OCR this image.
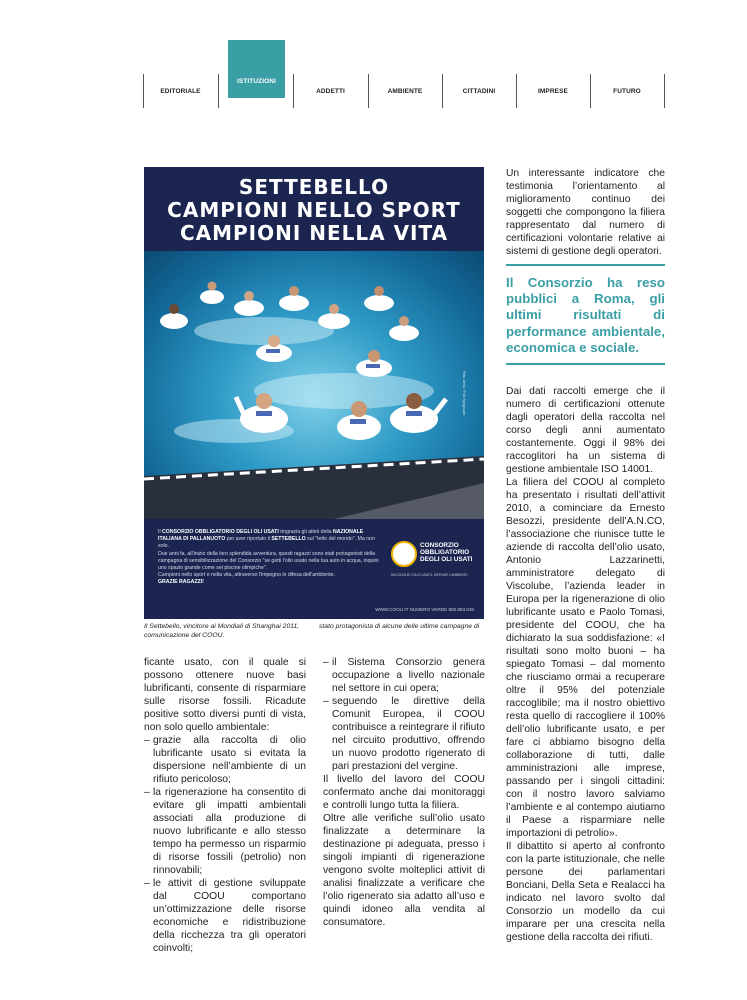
EDITORIALE
ISTITUZIONI
ADDETTI	AMBIENTE	CITTADINI	IMPRESE	FUTURO
SETTEBELLO
CAMPIONI NELLO SPORT
CAMPIONI NELLA VITA
Foto: Ansa / Foto Spagnuolo
Il CONSORZIO OBBLIGATORIO DEGLI OLI USATI ringrazia gli atleti della NAZIONALE ITALIANA DI PALLANUOTO per aver riportato il SETTEBELLO sul "tetto del mondo". Ma non solo.
Due anni fa, all'inizio della loro splendida avventura, questi ragazzi sono stati protagonisti della campagna di sensibilizzazione del Consorzio "se getti l'olio usato nella tua auto in acqua, inquini uno spazio grande come sei piscine olimpiche".
Campioni nello sport e nella vita, attraverso l'impegno in difesa dell'ambiente.
GRAZIE RAGAZZI!
CONSORZIO
OBBLIGATORIO
DEGLI OLI USATI
RACCOGLIE L'OLIO USATO. DIFENDE L'AMBIENTE.
WWW.COOU.IT NUMERO VERDE 800.863.048
Il Settebello, vincitore ai Mondiali di Shanghai 2011, comunicazione del COOU.
stato protagonista di alcune delle ultime campagne di

ficante usato, con il quale si possono ottenere nuove basi lubrificanti, consente di risparmiare sulle risorse fossili. Ricadute positive sotto diversi punti di vista, non solo quello ambientale:

– grazie alla raccolta di olio lubrificante usato si evitata la dispersione nell’ambiente di un rifiuto pericoloso;
– la rigenerazione ha consentito di evitare gli impatti ambientali associati alla produzione di nuovo lubrificante e allo stesso tempo ha permesso un risparmio di risorse fossili (petrolio) non rinnovabili;
– le attivit di gestione sviluppate dal COOU comportano un’ottimizzazione delle risorse economiche e ridistribuzione della ricchezza tra gli operatori coinvolti;
– il Sistema Consorzio genera occupazione a livello nazionale nel settore in cui opera;
– seguendo le direttive della Comunit Europea, il COOU contribuisce a reintegrare il rifiuto nel circuito produttivo, offrendo un nuovo prodotto rigenerato di pari prestazioni del vergine.

Il livello del lavoro del COOU confermato anche dai monitoraggi e controlli lungo tutta la filiera.

Oltre alle verifiche sull’olio usato finalizzate a determinare la destinazione pi adeguata, presso i singoli impianti di rigenerazione vengono svolte molteplici attivit di analisi finalizzate a verificare che l’olio rigenerato sia adatto all’uso e quindi idoneo alla vendita al consumatore.

Un interessante indicatore che testimonia l’orientamento al miglioramento continuo dei soggetti che compongono la filiera rappresentato dal numero di certificazioni volontarie relative ai sistemi di gestione degli operatori.

Il Consorzio ha reso pubblici a Roma, gli ultimi risultati di performance ambientale, economica e sociale.

Dai dati raccolti emerge che il numero di certificazioni ottenute dagli operatori della raccolta nel corso degli anni aumentato costantemente. Oggi il 98% dei raccoglitori ha un sistema di gestione ambientale ISO 14001.

La filiera del COOU al completo ha presentato i risultati dell’attivit 2010, a cominciare da Ernesto Besozzi, presidente dell’A.N.CO, l’associazione che riunisce tutte le aziende di raccolta dell’olio usato, Antonio Lazzarinetti, amministratore delegato di Viscolube, l’azienda leader in Europa per la rigenerazione di olio lubrificante usato e Paolo Tomasi, presidente del COOU, che ha dichiarato la sua soddisfazione: «I risultati sono molto buoni – ha spiegato Tomasi – dal momento che riusciamo ormai a recuperare oltre il 95% del potenziale raccoglibile; ma il nostro obiettivo resta quello di raccogliere il 100% dell’olio lubrificante usato, e per fare ci abbiamo bisogno della collaborazione di tutti, dalle amministrazioni alle imprese, passando per i singoli cittadini: con il nostro lavoro salviamo l’ambiente e al contempo aiutiamo il Paese a risparmiare nelle importazioni di petrolio».

Il dibattito si aperto al confronto con la parte istituzionale, che nelle persone dei parlamentari Bonciani, Della Seta e Realacci ha indicato nel lavoro svolto dal Consorzio un modello da cui imparare per una crescita nella gestione della raccolta dei rifiuti.
